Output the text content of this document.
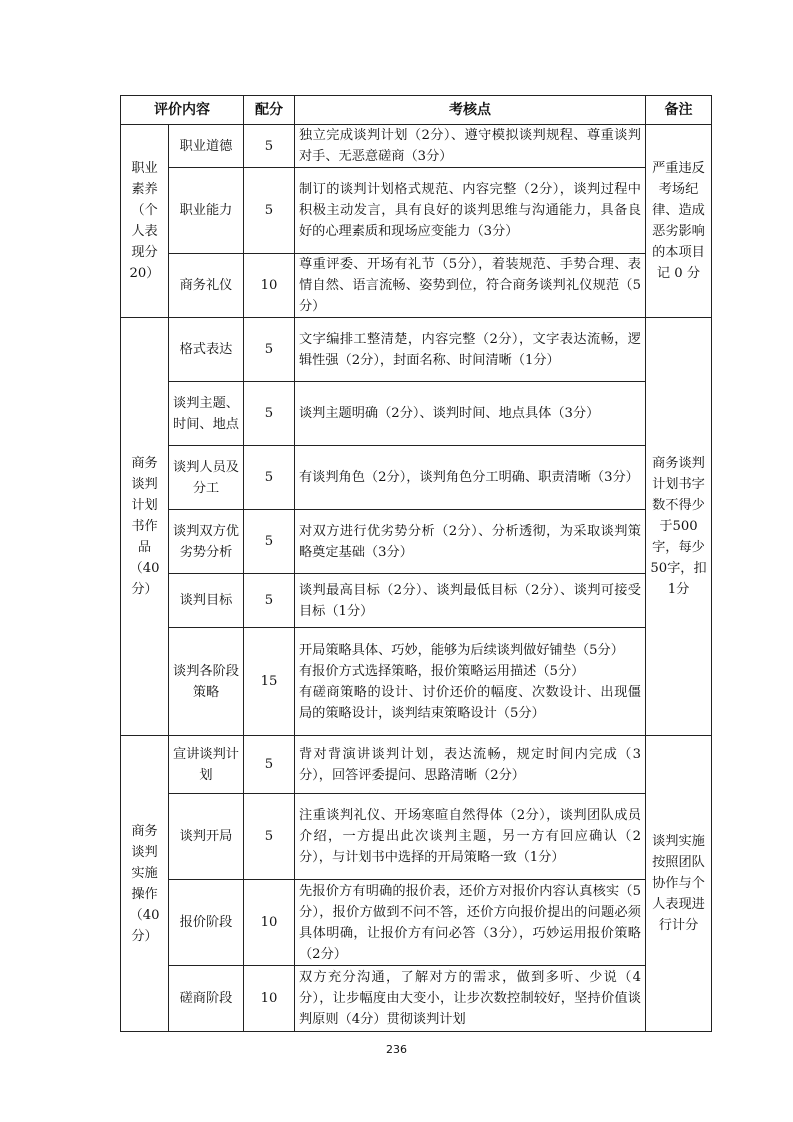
评价内容		配分	考核点	备注
职业素养（个人表现分20）	职业道德	5	独立完成谈判计划（2分）、遵守模拟谈判规程、尊重谈判对手、无恶意磋商（3分）	严重违反考场纪律、造成恶劣影响的本项目记 0 分
	职业能力	5	制订的谈判计划格式规范、内容完整（2分），谈判过程中积极主动发言，具有良好的谈判思维与沟通能力，具备良好的心理素质和现场应变能力（3分）	
	商务礼仪	10	尊重评委、开场有礼节（5分），着装规范、手势合理、表情自然、语言流畅、姿势到位，符合商务谈判礼仪规范（5分）	
商务谈判计划书作品（40分）	格式表达	5	文字编排工整清楚，内容完整（2分），文字表达流畅，逻辑性强（2分），封面名称、时间清晰（1分）	商务谈判计划书字数不得少于500字，每少50字，扣1分
	谈判主题、时间、地点	5	谈判主题明确（2分）、谈判时间、地点具体（3分）	
	谈判人员及分工	5	有谈判角色（2分），谈判角色分工明确、职责清晰（3分）	
	谈判双方优劣势分析	5	对双方进行优劣势分析（2分）、分析透彻，为采取谈判策略奠定基础（3分）	
	谈判目标	5	谈判最高目标（2分）、谈判最低目标（2分）、谈判可接受目标（1分）	
	谈判各阶段策略	15	开局策略具体、巧妙，能够为后续谈判做好铺垫（5分）
有报价方式选择策略，报价策略运用描述（5分）
有磋商策略的设计、讨价还价的幅度、次数设计、出现僵局的策略设计，谈判结束策略设计（5分）	

商务谈判实施操作（40分）	宣讲谈判计划	5	背对背演讲谈判计划，表达流畅，规定时间内完成（3分），回答评委提问、思路清晰（2分）	谈判实施按照团队协作与个人表现进行计分
	谈判开局	5	注重谈判礼仪、开场寒暄自然得体（2分），谈判团队成员介绍，一方提出此次谈判主题，另一方有回应确认（2分），与计划书中选择的开局策略一致（1分）	
	报价阶段	10	先报价方有明确的报价表，还价方对报价内容认真核实（5分），报价方做到不问不答，还价方向报价提出的问题必须具体明确，让报价方有问必答（3分），巧妙运用报价策略（2分）	
	磋商阶段	10	双方充分沟通，了解对方的需求，做到多听、少说（4分），让步幅度由大变小，让步次数控制较好，坚持价值谈判原则（4分）贯彻谈判计划	
236
